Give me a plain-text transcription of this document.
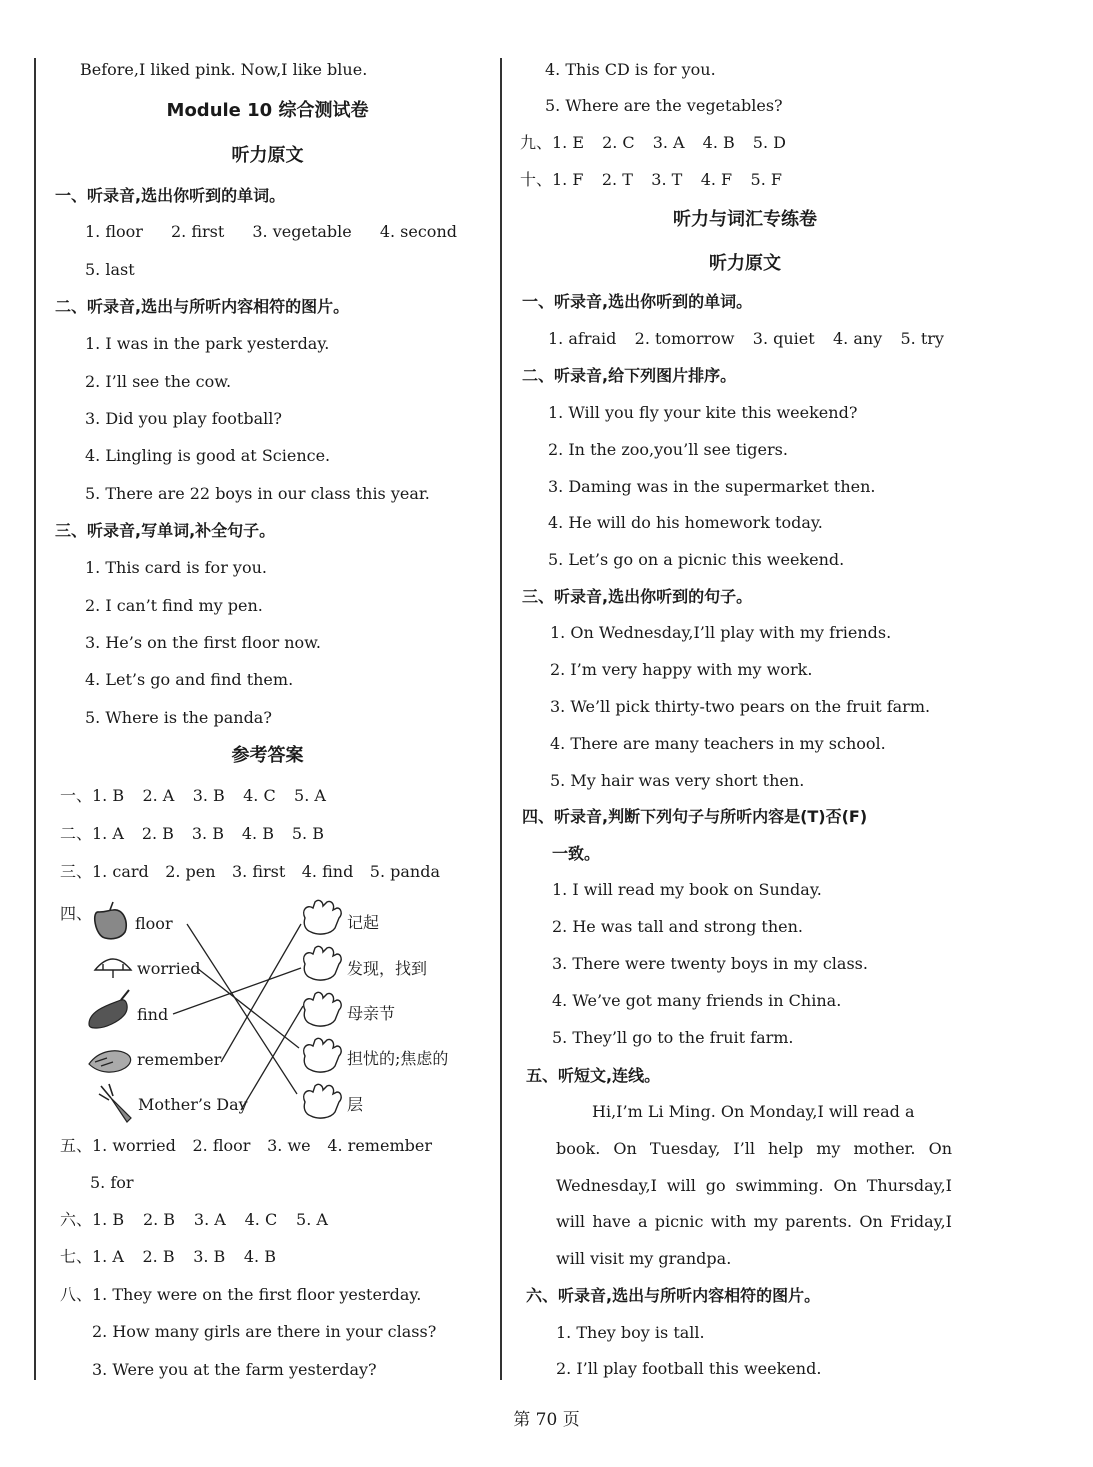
Before,I liked pink. Now,I like blue.
Module 10 综合测试卷
听力原文
一、听录音,选出你听到的单词。
1. floor 2. first 3. vegetable 4. second
5. last
二、听录音,选出与所听内容相符的图片。
1. I was in the park yesterday.
2. I’ll see the cow.
3. Did you play football?
4. Lingling is good at Science.
5. There are 22 boys in our class this year.
三、听录音,写单词,补全句子。
1. This card is for you.
2. I can’t find my pen.
3. He’s on the first floor now.
4. Let’s go and find them.
5. Where is the panda?
参考答案
一、1. B 2. A 3. B 4. C 5. A
二、1. A 2. B 3. B 4. B 5. B
三、1. card 2. pen 3. first 4. find 5. panda
四、
floor
worried
find
remember
Mother’s Day
记起
发现，找到
母亲节
担忧的;焦虑的
层
五、1. worried 2. floor 3. we 4. remember
5. for
六、1. B 2. B 3. A 4. C 5. A
七、1. A 2. B 3. B 4. B
八、1. They were on the first floor yesterday.
2. How many girls are there in your class?
3. Were you at the farm yesterday?
4. This CD is for you.
5. Where are the vegetables?
九、1. E 2. C 3. A 4. B 5. D
十、1. F 2. T 3. T 4. F 5. F
听力与词汇专练卷
听力原文
一、听录音,选出你听到的单词。
1. afraid 2. tomorrow 3. quiet 4. any 5. try
二、听录音,给下列图片排序。
1. Will you fly your kite this weekend?
2. In the zoo,you’ll see tigers.
3. Daming was in the supermarket then.
4. He will do his homework today.
5. Let’s go on a picnic this weekend.
三、听录音,选出你听到的句子。
1. On Wednesday,I’ll play with my friends.
2. I’m very happy with my work.
3. We’ll pick thirty-two pears on the fruit farm.
4. There are many teachers in my school.
5. My hair was very short then.
四、听录音,判断下列句子与所听内容是(T)否(F)
一致。
1. I will read my book on Sunday.
2. He was tall and strong then.
3. There were twenty boys in my class.
4. We’ve got many friends in China.
5. They’ll go to the fruit farm.
五、听短文,连线。
Hi,I’m Li Ming. On Monday,I will read a
book. On Tuesday, I’ll help my mother. On
Wednesday,I will go swimming. On Thursday,I
will have a picnic with my parents. On Friday,I
will visit my grandpa.
六、听录音,选出与所听内容相符的图片。
1. They boy is tall.
2. I’ll play football this weekend.
第 70 页
